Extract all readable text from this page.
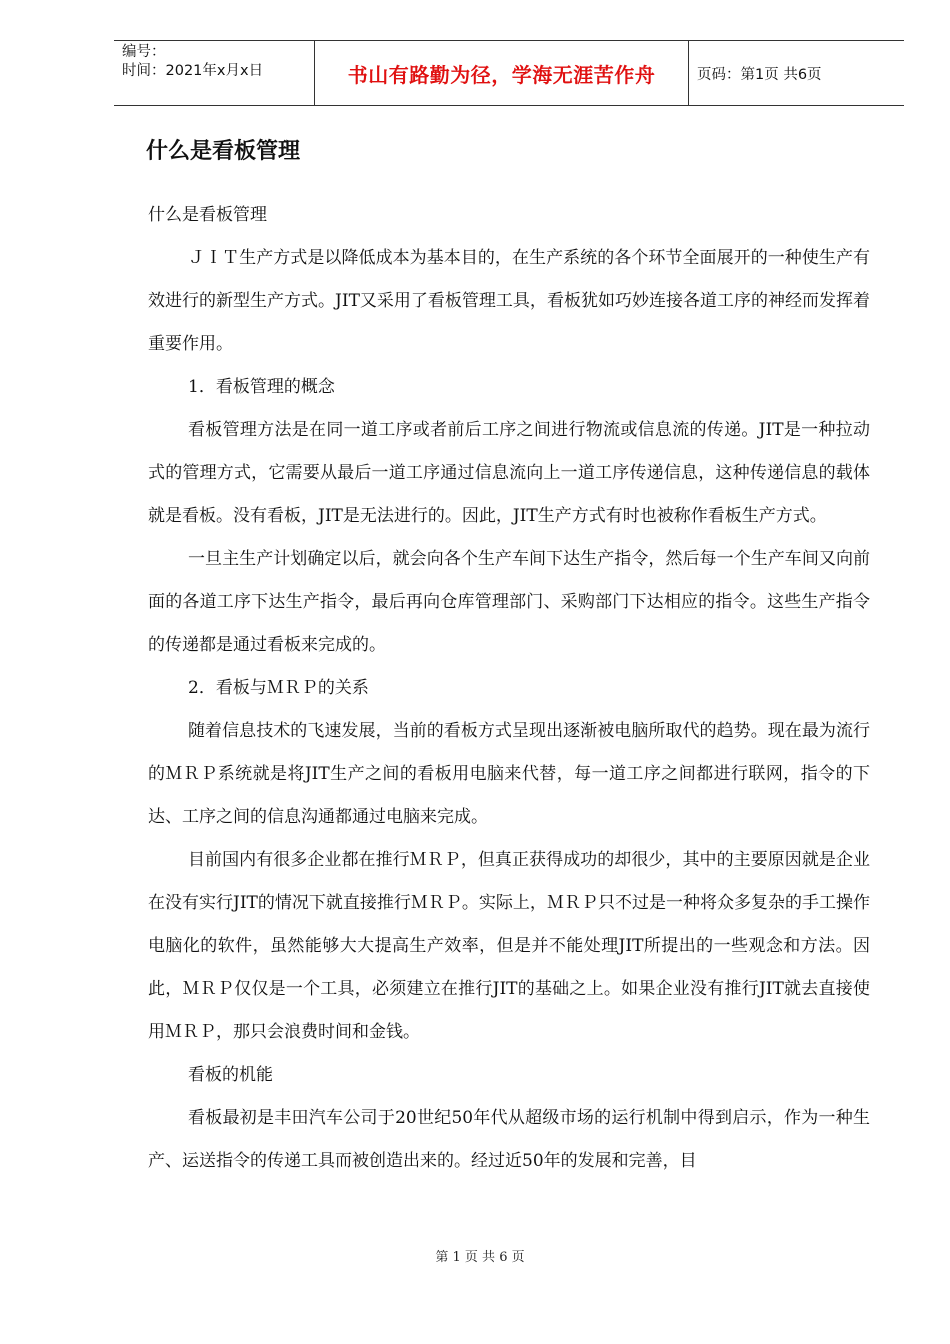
编号：
时间：2021年x月x日	书山有路勤为径，学海无涯苦作舟	页码：第1页 共6页
什么是看板管理

什么是看板管理

ＪＩＴ生产方式是以降低成本为基本目的，在生产系统的各个环节全面展开的一种使生产有效进行的新型生产方式。JIT又采用了看板管理工具，看板犹如巧妙连接各道工序的神经而发挥着重要作用。

1．看板管理的概念

看板管理方法是在同一道工序或者前后工序之间进行物流或信息流的传递。JIT是一种拉动式的管理方式，它需要从最后一道工序通过信息流向上一道工序传递信息，这种传递信息的载体就是看板。没有看板，JIT是无法进行的。因此，JIT生产方式有时也被称作看板生产方式。

一旦主生产计划确定以后，就会向各个生产车间下达生产指令，然后每一个生产车间又向前面的各道工序下达生产指令，最后再向仓库管理部门、采购部门下达相应的指令。这些生产指令的传递都是通过看板来完成的。

2．看板与ＭＲＰ的关系

随着信息技术的飞速发展，当前的看板方式呈现出逐渐被电脑所取代的趋势。现在最为流行的ＭＲＰ系统就是将JIT生产之间的看板用电脑来代替，每一道工序之间都进行联网，指令的下达、工序之间的信息沟通都通过电脑来完成。

目前国内有很多企业都在推行ＭＲＰ，但真正获得成功的却很少，其中的主要原因就是企业在没有实行JIT的情况下就直接推行ＭＲＰ。实际上，ＭＲＰ只不过是一种将众多复杂的手工操作电脑化的软件，虽然能够大大提高生产效率，但是并不能处理JIT所提出的一些观念和方法。因此，ＭＲＰ仅仅是一个工具，必须建立在推行JIT的基础之上。如果企业没有推行JIT就去直接使用ＭＲＰ，那只会浪费时间和金钱。

看板的机能

看板最初是丰田汽车公司于20世纪50年代从超级市场的运行机制中得到启示，作为一种生产、运送指令的传递工具而被创造出来的。经过近50年的发展和完善，目

第 1 页 共 6 页
